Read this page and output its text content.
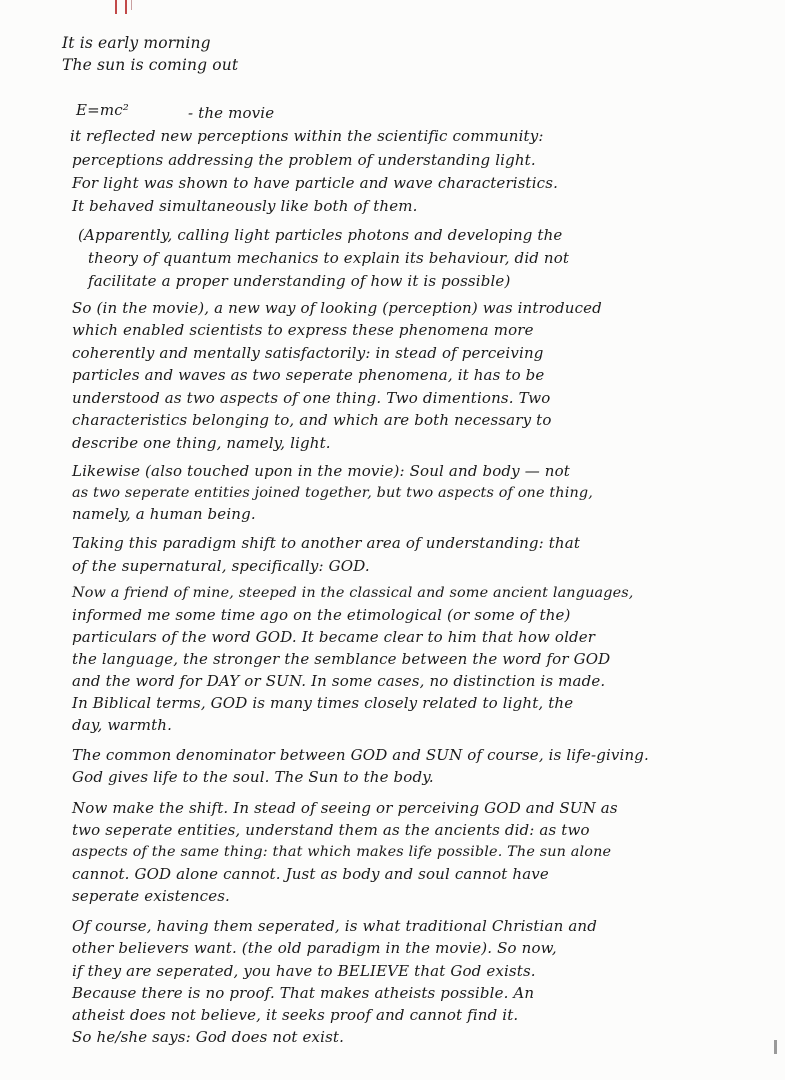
It is early morning
The sun is coming out
E=mc²	- the movie
it reflected new perceptions within the scientific community:
perceptions addressing the problem of understanding light.
For light was shown to have particle and wave characteristics.
It behaved simultaneously like both of them.
(Apparently, calling light particles photons and developing the
theory of quantum mechanics to explain its behaviour, did not
facilitate a proper understanding of how it is possible)
So (in the movie), a new way of looking (perception) was introduced
which enabled scientists to express these phenomena more
coherently and mentally satisfactorily: in stead of perceiving
particles and waves as two seperate phenomena, it has to be
understood as two aspects of one thing. Two dimentions. Two
characteristics belonging to, and which are both necessary to
describe one thing, namely, light.
Likewise (also touched upon in the movie): Soul and body — not
as two seperate entities joined together, but two aspects of one thing,
namely, a human being.
Taking this paradigm shift to another area of understanding: that
of the supernatural, specifically: GOD.
Now a friend of mine, steeped in the classical and some ancient languages,
informed me some time ago on the etimological (or some of the)
particulars of the word GOD. It became clear to him that how older
the language, the stronger the semblance between the word for GOD
and the word for DAY or SUN. In some cases, no distinction is made.
In Biblical terms, GOD is many times closely related to light, the
day, warmth.
The common denominator between GOD and SUN of course, is life-giving.
God gives life to the soul. The Sun to the body.
Now make the shift. In stead of seeing or perceiving GOD and SUN as
two seperate entities, understand them as the ancients did: as two
aspects of the same thing: that which makes life possible. The sun alone
cannot. GOD alone cannot. Just as body and soul cannot have
seperate existences.
Of course, having them seperated, is what traditional Christian and
other believers want. (the old paradigm in the movie). So now,
if they are seperated, you have to BELIEVE that God exists.
Because there is no proof. That makes atheists possible. An
atheist does not believe, it seeks proof and cannot find it.
So he/she says: God does not exist.
